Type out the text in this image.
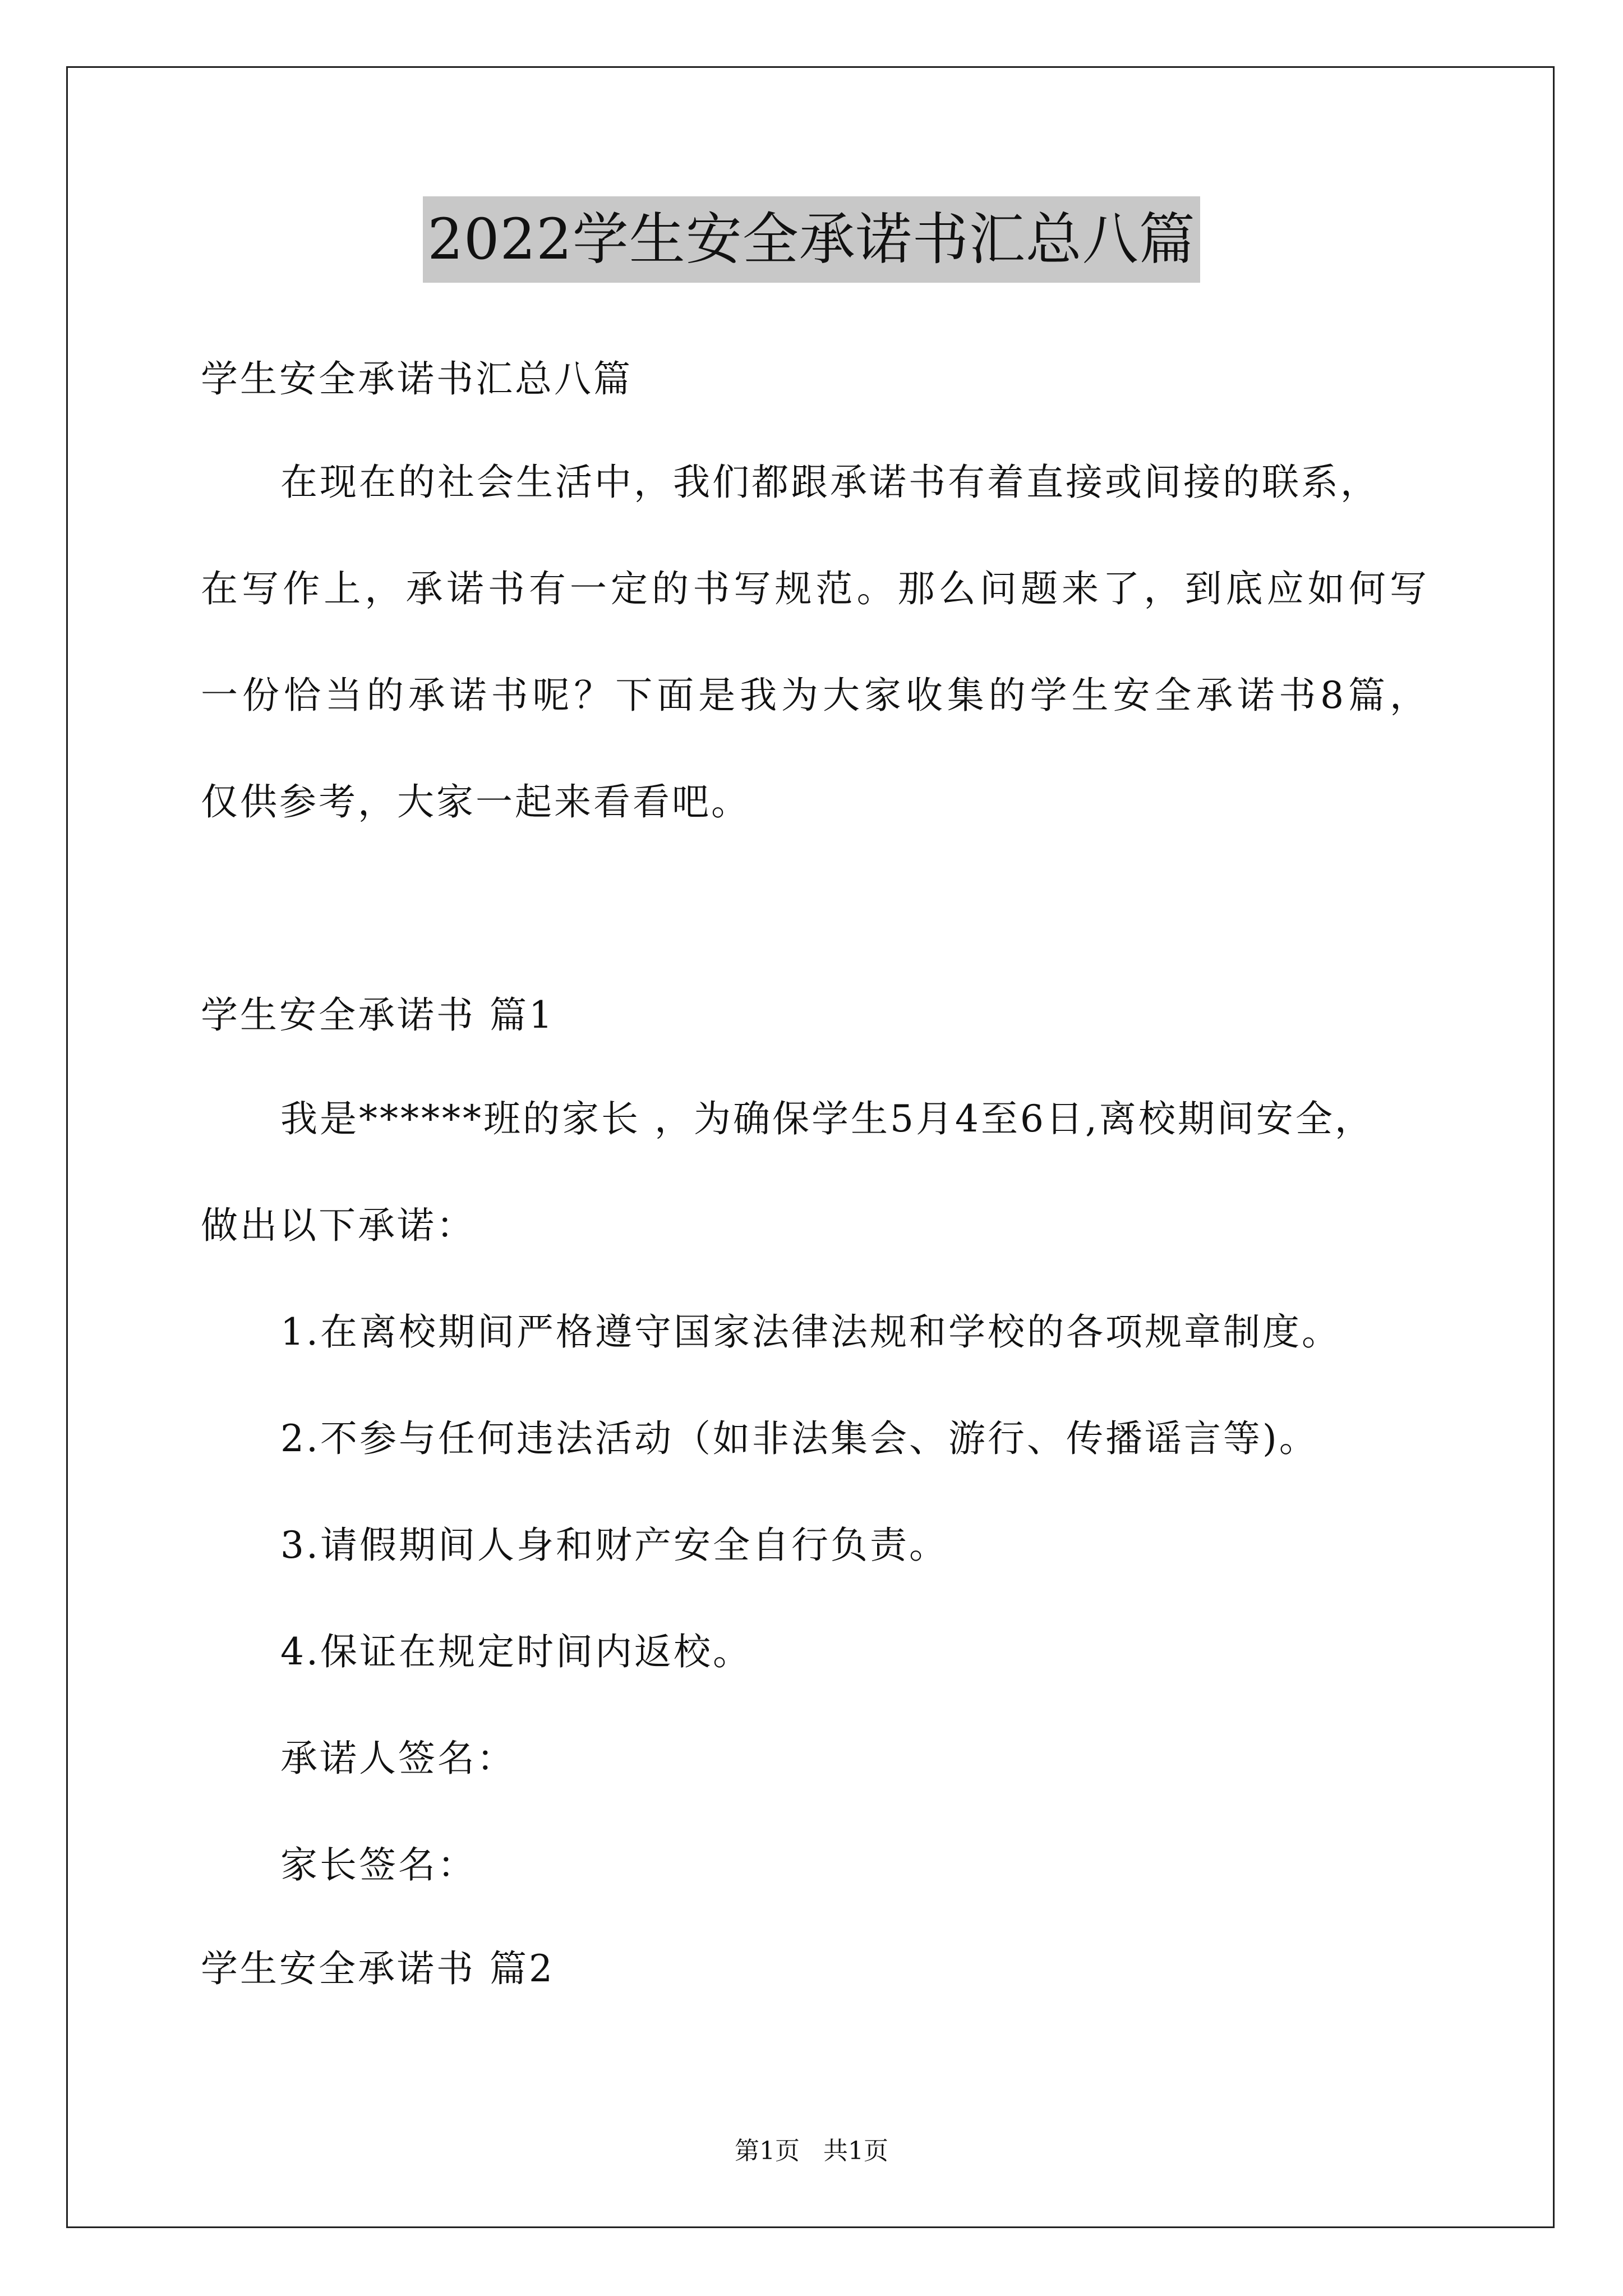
2022学生安全承诺书汇总八篇
学生安全承诺书汇总八篇
在现在的社会生活中，我们都跟承诺书有着直接或间接的联系，
在写作上，承诺书有一定的书写规范。那么问题来了，到底应如何写
一份恰当的承诺书呢？下面是我为大家收集的学生安全承诺书8篇，
仅供参考，大家一起来看看吧。
学生安全承诺书 篇1
我是******班的家长 ，为确保学生5月4至6日,离校期间安全，
做出以下承诺：
1.在离校期间严格遵守国家法律法规和学校的各项规章制度。
2.不参与任何违法活动（如非法集会、游行、传播谣言等)。
3.请假期间人身和财产安全自行负责。
4.保证在规定时间内返校。
承诺人签名：
家长签名：
学生安全承诺书 篇2
第1页   共1页
